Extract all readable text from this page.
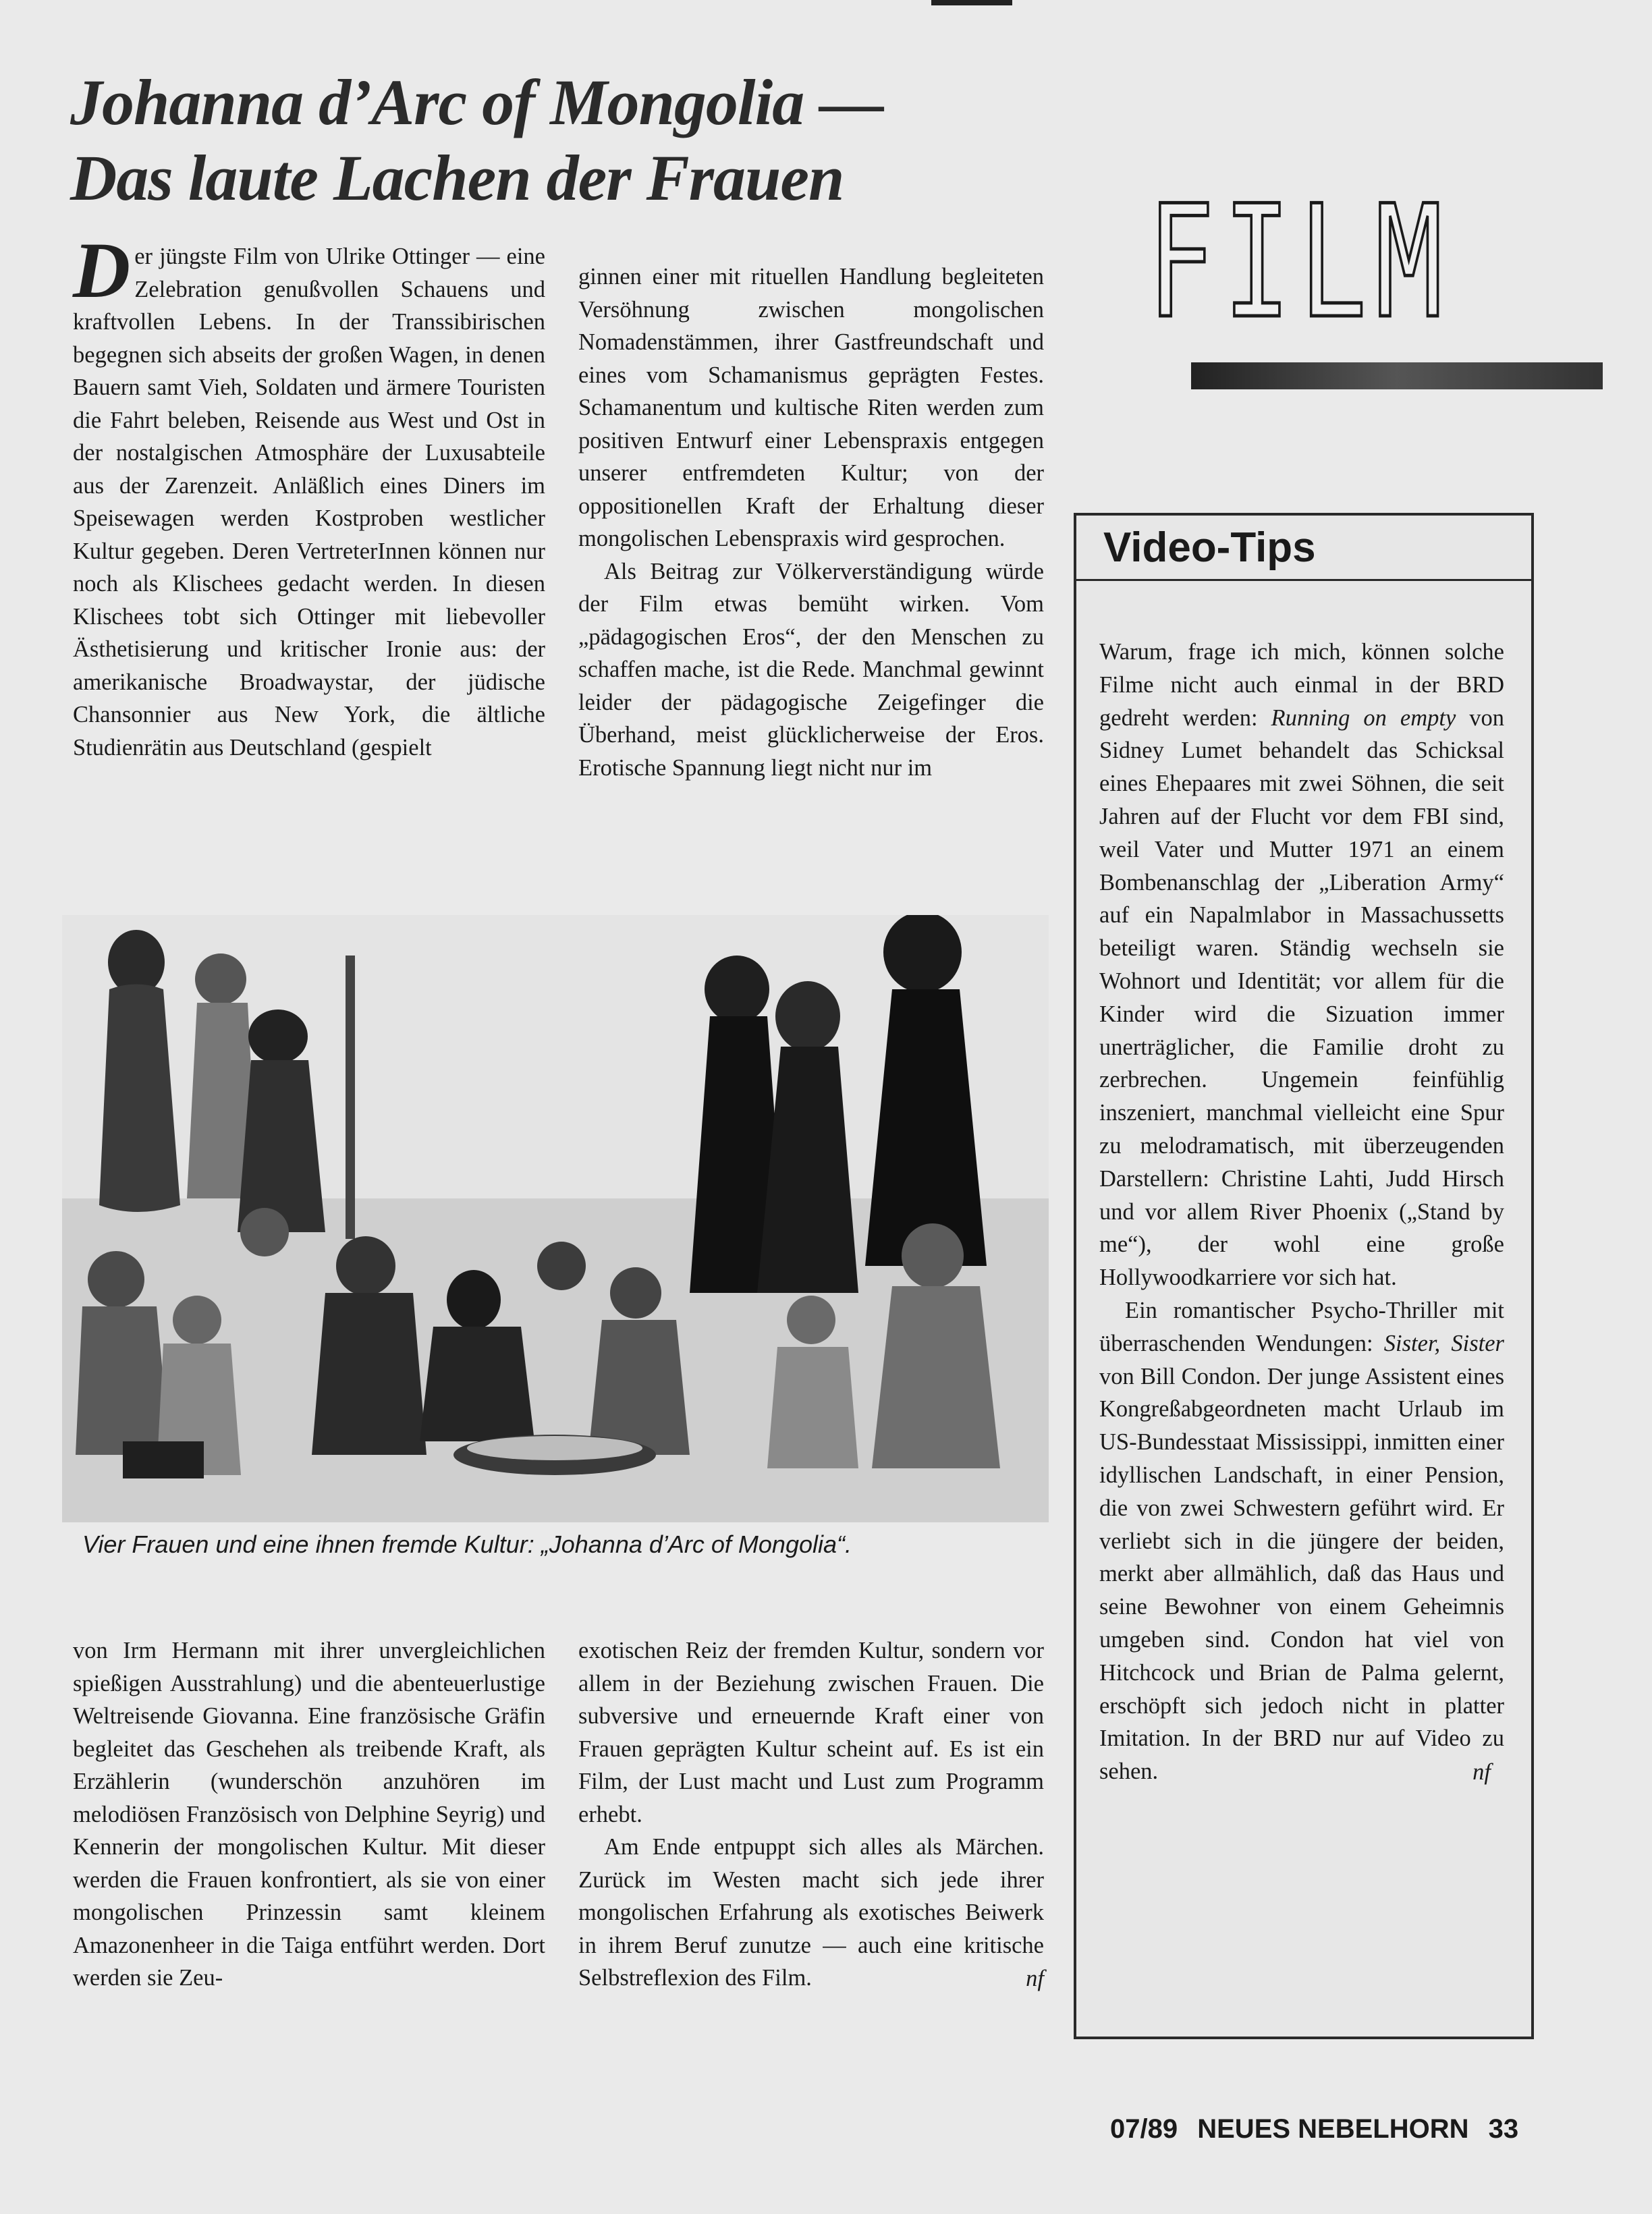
Johanna d’Arc of Mongolia —
Das laute Lachen der Frauen	FILM

Der jüngste Film von Ulrike Ottinger — eine Zelebration genußvollen Schauens und kraftvollen Lebens. In der Transsibirischen begegnen sich abseits der großen Wagen, in denen Bauern samt Vieh, Soldaten und ärmere Touristen die Fahrt beleben, Reisende aus West und Ost in der nostalgischen Atmosphäre der Luxusabteile aus der Zarenzeit. Anläßlich eines Diners im Speisewagen werden Kostproben westlicher Kultur gegeben. Deren VertreterInnen können nur noch als Klischees gedacht werden. In diesen Klischees tobt sich Ottinger mit liebevoller Ästhetisierung und kritischer Ironie aus: der amerikanische Broadwaystar, der jüdische Chansonnier aus New York, die ältliche Studienrätin aus Deutschland (gespielt

ginnen einer mit rituellen Handlung begleiteten Versöhnung zwischen mongolischen Nomadenstämmen, ihrer Gastfreundschaft und eines vom Schamanismus geprägten Festes. Schamanentum und kultische Riten werden zum positiven Entwurf einer Lebenspraxis entgegen unserer entfremdeten Kultur; von der oppositionellen Kraft der Erhaltung dieser mongolischen Lebenspraxis wird gesprochen.

Als Beitrag zur Völkerverständigung würde der Film etwas bemüht wirken. Vom „pädagogischen Eros“, der den Menschen zu schaffen mache, ist die Rede. Manchmal gewinnt leider der pädagogische Zeigefinger die Überhand, meist glücklicherweise der Eros. Erotische Spannung liegt nicht nur im

Vier Frauen und eine ihnen fremde Kultur: „Johanna d’Arc of Mongolia“.

von Irm Hermann mit ihrer unvergleichlichen spießigen Ausstrahlung) und die abenteuerlustige Weltreisende Giovanna. Eine französische Gräfin begleitet das Geschehen als treibende Kraft, als Erzählerin (wunderschön anzuhören im melodiösen Französisch von Delphine Seyrig) und Kennerin der mongolischen Kultur. Mit dieser werden die Frauen konfrontiert, als sie von einer mongolischen Prinzessin samt kleinem Amazonenheer in die Taiga entführt werden. Dort werden sie Zeu-

exotischen Reiz der fremden Kultur, sondern vor allem in der Beziehung zwischen Frauen. Die subversive und erneuernde Kraft einer von Frauen geprägten Kultur scheint auf. Es ist ein Film, der Lust macht und Lust zum Programm erhebt.

Am Ende entpuppt sich alles als Märchen. Zurück im Westen macht sich jede ihrer mongolischen Erfahrung als exotisches Beiwerk in ihrem Beruf zunutze — auch eine kritische Selbstreflexion des Film.	nf
Video-Tips

Warum, frage ich mich, können solche Filme nicht auch einmal in der BRD gedreht werden: Running on empty von Sidney Lumet behandelt das Schicksal eines Ehepaares mit zwei Söhnen, die seit Jahren auf der Flucht vor dem FBI sind, weil Vater und Mutter 1971 an einem Bombenanschlag der „Liberation Army“ auf ein Napalmlabor in Massachussetts beteiligt waren. Ständig wechseln sie Wohnort und Identität; vor allem für die Kinder wird die Sizuation immer unerträglicher, die Familie droht zu zerbrechen. Ungemein feinfühlig inszeniert, manchmal vielleicht eine Spur zu melodramatisch, mit überzeugenden Darstellern: Christine Lahti, Judd Hirsch und vor allem River Phoenix („Stand by me“), der wohl eine große Hollywoodkarriere vor sich hat.

Ein romantischer Psycho-Thriller mit überraschenden Wendungen: Sister, Sister von Bill Condon. Der junge Assistent eines Kongreßabgeordneten macht Urlaub im US-Bundesstaat Mississippi, inmitten einer idyllischen Landschaft, in einer Pension, die von zwei Schwestern geführt wird. Er verliebt sich in die jüngere der beiden, merkt aber allmählich, daß das Haus und seine Bewohner von einem Geheimnis umgeben sind. Condon hat viel von Hitchcock und Brian de Palma gelernt, erschöpft sich jedoch nicht in platter Imitation. In der BRD nur auf Video zu sehen.	nf
07/89 NEUES NEBELHORN 33
